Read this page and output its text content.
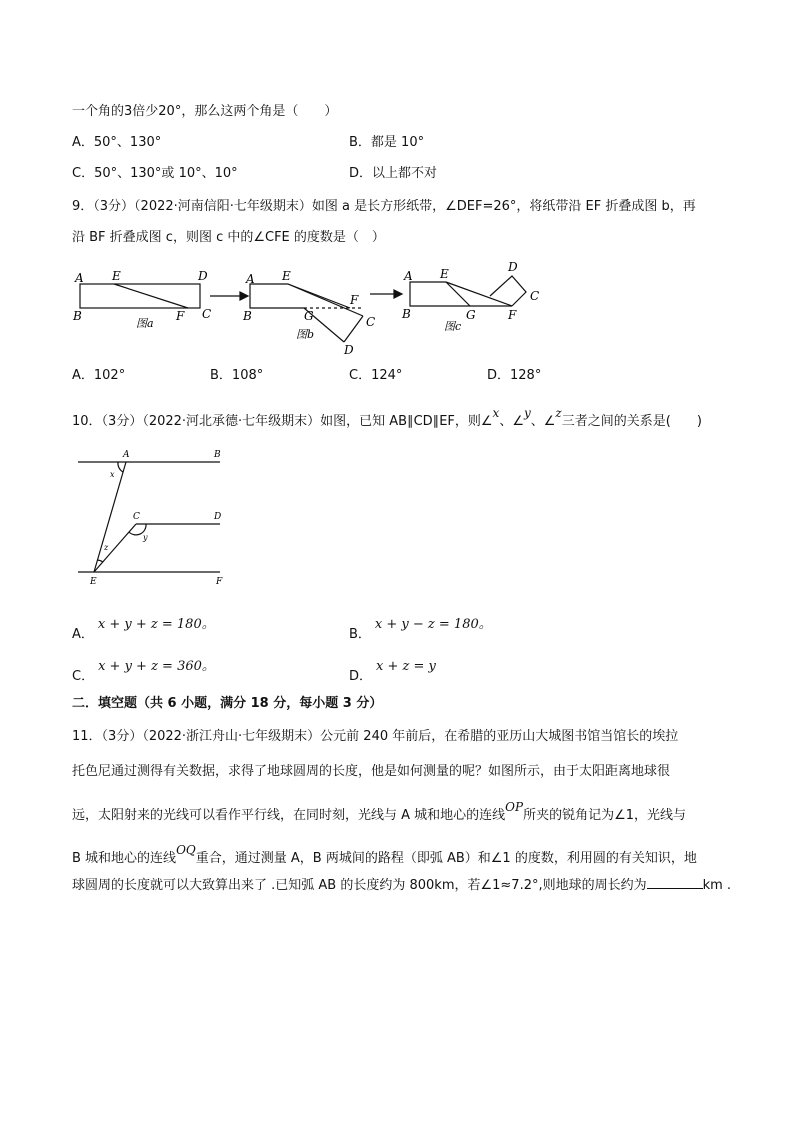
一个角的3倍少20°，那么这两个角是（　　）
A．50°、130°	B．都是 10°
C．50°、130°或 10°、10°	D．以上都不对
9．（3分）（2022·河南信阳·七年级期末）如图 a 是长方形纸带，∠DEF=26°，将纸带沿 EF 折叠成图 b，再
沿 BF 折叠成图 c，则图 c 中的∠CFE 的度数是（　）
A E	D
B	F C
图a
A E
F
B	G	C
D
图b
A E	D
C
B	G	F
图c
A．102°	B．108°	C．124°	D．128°
10．（3分）（2022·河北承德·七年级期末）如图，已知 AB∥CD∥EF，则∠x、∠y、∠z三者之间的关系是(　　)
A	B
C	D
E	F
x
y
z
A．x + y + z = 180。
B．x + y − z = 180。
C．x + y + z = 360。
D．x + z = y
二．填空题（共 6 小题，满分 18 分，每小题 3 分）
11．（3分）（2022·浙江舟山·七年级期末）公元前 240 年前后，在希腊的亚历山大城图书馆当馆长的埃拉
托色尼通过测得有关数据，求得了地球圆周的长度，他是如何测量的呢？如图所示，由于太阳距离地球很
远，太阳射来的光线可以看作平行线，在同时刻，光线与 A 城和地心的连线OP所夹的锐角记为∠1，光线与
B 城和地心的连线OQ重合，通过测量 A，B 两城间的路程（即弧 AB）和∠1 的度数，利用圆的有关知识，地
球圆周的长度就可以大致算出来了 .已知弧 AB 的长度约为 800km，若∠1≈7.2°,则地球的周长约为	km .
